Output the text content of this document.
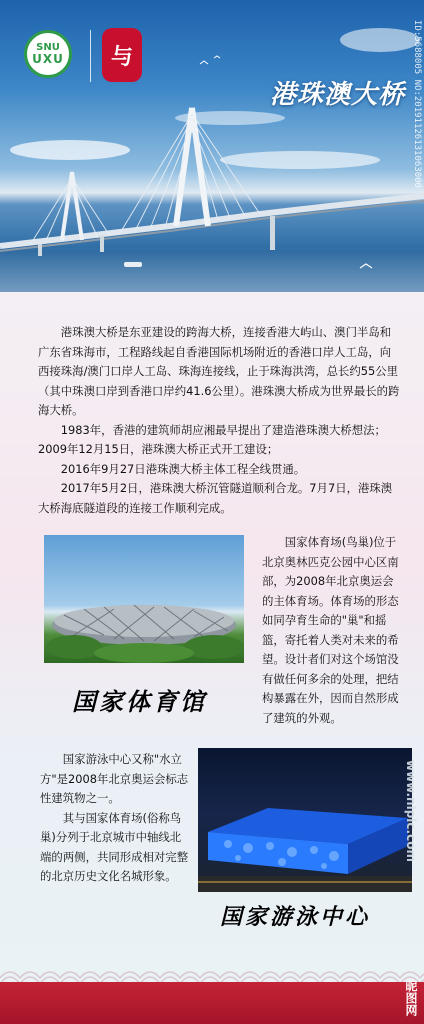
SNU
UXU	与
港珠澳大桥 ID:5688005 NO:20191126131063000

港珠澳大桥是东亚建设的跨海大桥，连接香港大屿山、澳门半岛和广东省珠海市，工程路线起自香港国际机场附近的香港口岸人工岛，向西接珠海/澳门口岸人工岛、珠海连接线，止于珠海洪湾，总长约55公里（其中珠澳口岸到香港口岸约41.6公里）。港珠澳大桥成为世界最长的跨海大桥。

1983年，香港的建筑师胡应湘最早提出了建造港珠澳大桥想法；2009年12月15日，港珠澳大桥正式开工建设；

2016年9月27日港珠澳大桥主体工程全线贯通。

2017年5月2日，港珠澳大桥沉管隧道顺利合龙。7月7日，港珠澳大桥海底隧道段的连接工作顺利完成。

国家体育馆

国家体育场(鸟巢)位于北京奥林匹克公园中心区南部，为2008年北京奥运会的主体育场。体育场的形态如同孕育生命的"巢"和摇篮，寄托着人类对未来的希望。设计者们对这个场馆没有做任何多余的处理，把结构暴露在外，因而自然形成了建筑的外观。

国家游泳中心又称"水立方"是2008年北京奥运会标志性建筑物之一。

其与国家体育场(俗称鸟巢)分列于北京城市中轴线北端的两侧，共同形成相对完整的北京历史文化名城形象。

国家游泳中心
www.nipic.com
昵图网
